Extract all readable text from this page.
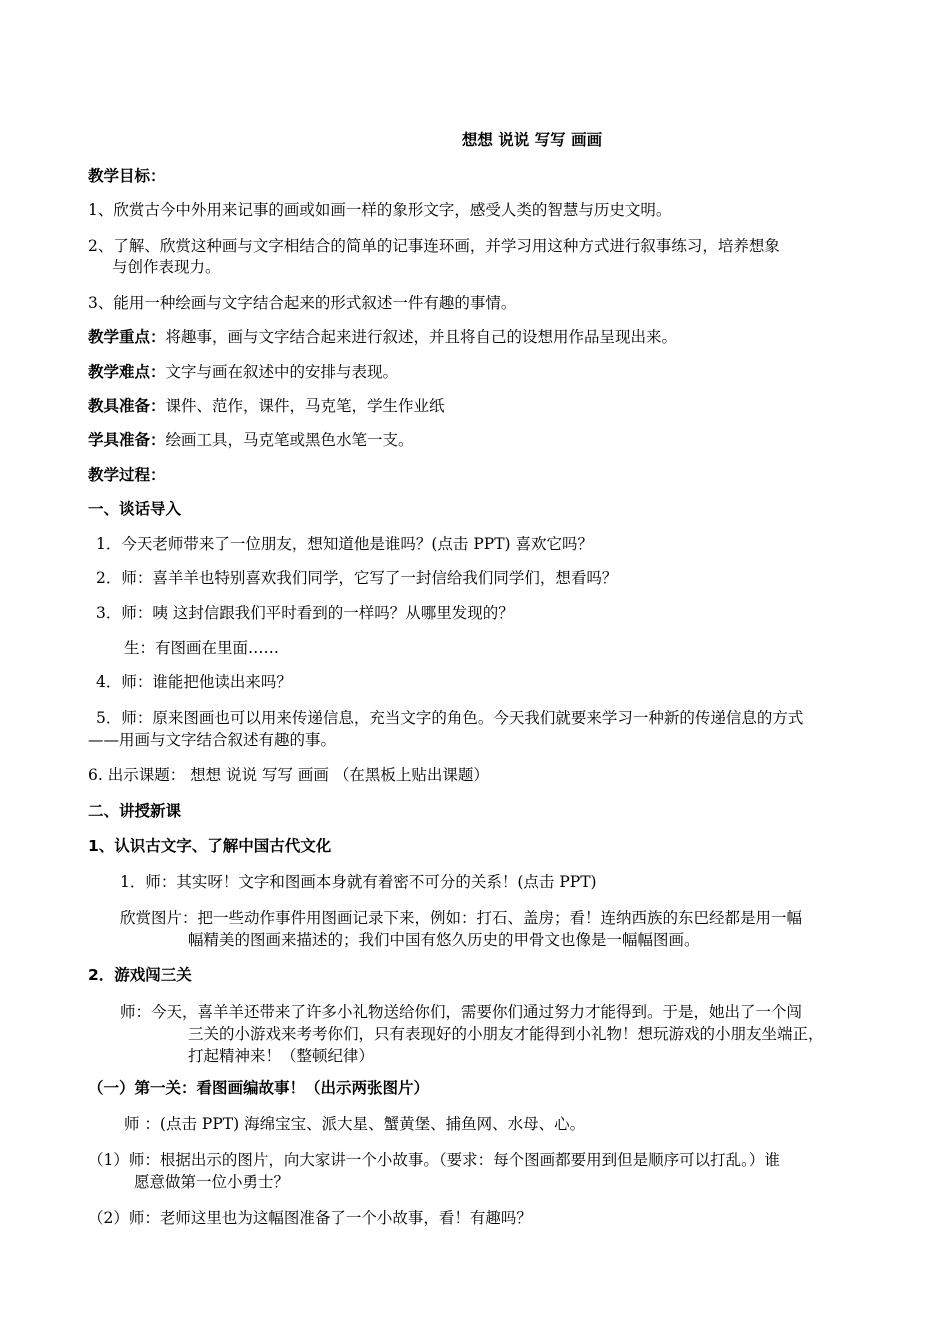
想想 说说 写写 画画
教学目标：
1、欣赏古今中外用来记事的画或如画一样的象形文字，感受人类的智慧与历史文明。
2、了解、欣赏这种画与文字相结合的简单的记事连环画，并学习用这种方式进行叙事练习，培养想象
与创作表现力。
3、能用一种绘画与文字结合起来的形式叙述一件有趣的事情。
教学重点：将趣事，画与文字结合起来进行叙述，并且将自己的设想用作品呈现出来。
教学难点：文字与画在叙述中的安排与表现。
教具准备：课件、范作，课件，马克笔，学生作业纸
学具准备：绘画工具，马克笔或黑色水笔一支。
教学过程：
一、谈话导入
1．今天老师带来了一位朋友，想知道他是谁吗？(点击 PPT) 喜欢它吗？
2．师：喜羊羊也特别喜欢我们同学，它写了一封信给我们同学们，想看吗？
3．师：咦 这封信跟我们平时看到的一样吗？从哪里发现的？
生：有图画在里面……
4．师：谁能把他读出来吗？
5．师：原来图画也可以用来传递信息，充当文字的角色。今天我们就要来学习一种新的传递信息的方式
——用画与文字结合叙述有趣的事。
6. 出示课题： 想想 说说 写写 画画 （在黑板上贴出课题）
二、讲授新课
1、认识古文字、了解中国古代文化
1．师：其实呀！文字和图画本身就有着密不可分的关系！(点击 PPT)
欣赏图片：把一些动作事件用图画记录下来，例如：打石、盖房；看！连纳西族的东巴经都是用一幅
幅精美的图画来描述的；我们中国有悠久历史的甲骨文也像是一幅幅图画。
2．游戏闯三关
师：今天，喜羊羊还带来了许多小礼物送给你们，需要你们通过努力才能得到。于是，她出了一个闯
三关的小游戏来考考你们，只有表现好的小朋友才能得到小礼物！想玩游戏的小朋友坐端正，
打起精神来！（整顿纪律）
（一）第一关：看图画编故事！（出示两张图片）
师 ：(点击 PPT) 海绵宝宝、派大星、蟹黄堡、捕鱼网、水母、心。
（1）师：根据出示的图片，向大家讲一个小故事。（要求：每个图画都要用到但是顺序可以打乱。）谁
愿意做第一位小勇士？
（2）师：老师这里也为这幅图准备了一个小故事，看！有趣吗？
